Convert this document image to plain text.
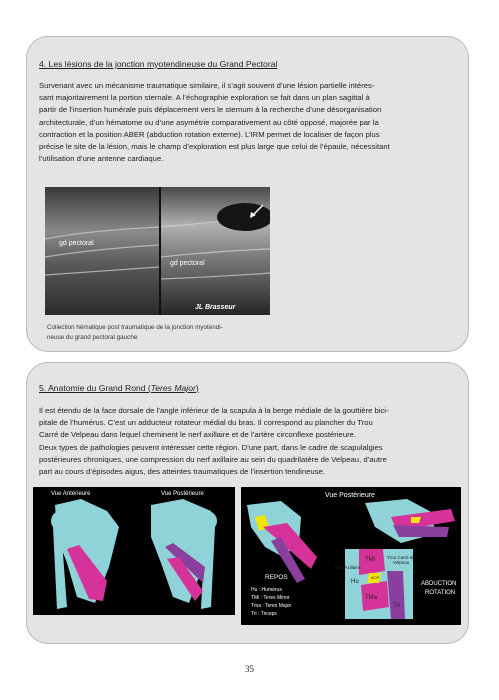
4. Les lésions de la jonction myotendineuse du Grand Pectoral

Survenant avec un mécanisme traumatique similaire, il s’agit souvent d’une lésion partielle intéres-

sant majoritairement la portion sternale. A l’échographie exploration se fait dans un plan sagittal à

partir de l’insertion humérale puis déplacement vers le sternum à la recherche d’une désorganisation

architecturale, d’un hématome ou d’une asymétrie comparativement au côté opposé, majorée par la

contraction et la position ABER (abduction rotation externe). L’IRM permet de localiser de façon plus

précise le site de la lésion, mais le champ d’exploration est plus large que celui de l’épaule, nécessitant

l’utilisation d’une antenne cardiaque.

gd pectoral
gd pectoral
JL Brasseur
Collection hématique post traumatique de la jonction myotendi-
neuse du grand pectoral gauche
5. Anatomie du Grand Rond (Teres Major)

Il est étendu de la face dorsale de l’angle inférieur de la scapula à la berge médiale de la gouttière bici-

pitale de l’humérus. C’est un adducteur rotateur médial du bras. Il correspond au plancher du Trou

Carré de Velpeau dans lequel cheminent le nerf axillaire et de l’artère circonflexe postérieure.

Deux types de pathologies peuvent intéresser cette région. D’une part, dans le cadre de scapulalgies

postérieures chroniques, une compression du nerf axillaire au sein du quadrilatère de Velpeau, d’autre

part au cours d’épisodes aigus, des atteintes traumatiques de l’insertion tendineuse.

Vue Antérieure	Vue Postérieure	Vue Postérieure
TMi
TMa
Hu
Tri
Nerf Axillaire
Trou Carré de
Velpeau
ACP
REPOS
Hu : Humérus
TMi : Teres Minor
Tma : Teres Major
Tri : Triceps
ABDUCTION
ROTATION
35
